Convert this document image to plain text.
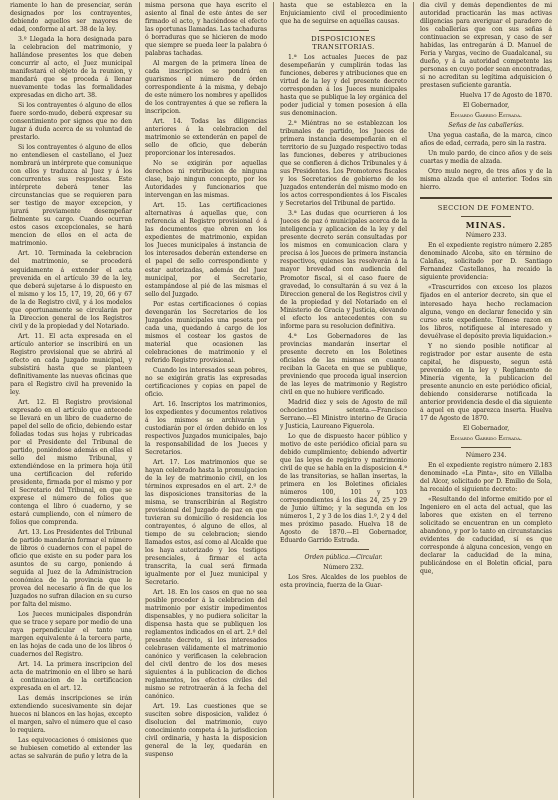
riamente lo han de presenciar, serán designados por los contrayentes, debiendo aquellos ser mayores de edad, conforme al art. 38 de la ley.

3.º Llegada la hora designada para la celebracion del matrimonio, y hallándose presentes los que deben concurrir al acto, el Juez municipal manifestará el objeto de la reunion, y mandará que se proceda á llenar nuevamente todas las formalidades expresadas en dicho art. 38.

Si los contrayentes ó alguno de ellos fuere sordo-mudo, deberá expresar su consentimiento por signos que no den lugar á duda acerca de su voluntad de prestarlo.

Si los contrayentes ó alguno de ellos no entendiesen el castellano, el Juez nombrará un intérprete que comunique con ellos y traduzca al Juez y á los concurrentes sus respuestas. Este intérprete deberá tener las circunstancias que se requieren para ser testigo de mayor excepcion, y jurará previamente desempeñar fielmente su cargo. Cuando ocurran estos casos excepcionales, se hará mencion de ellos en el acta de matrimonio.

Art. 10. Terminada la celebracion del matrimonio, se procederá seguidamente á extender el acta prevenida en el artículo 39 de la ley, que deberá sujetarse á lo dispuesto en el mismo y los 15, 17, 19, 20, 66 y 67 de la de Registro civil, y á los modelos que oportunamente se circularán por la Direccion general de los Registros civil y de la propiedad y del Notariado.

Art. 11. El acta expresada en el artículo anterior se inscribirá en un Registro provisional que se abrirá al efecto en cada Juzgado municipal, y subsistirá hasta que se planteen definitivamente las nuevas oficinas que para el Registro civil ha prevenido la ley.

Art. 12. El Registro provisional expresado en el artículo que antecede se llevará en un libro de cuaderno de papel del sello de oficio, debiendo estar foliadas todas sus hojas y rubricadas por el Presidente del Tribunal de partido, poniéndose además en ellas el sello del mismo Tribunal, y extendiéndose en la primera hoja útil una certificacion del referido presidente, firmada por el mismo y por el Secretario del Tribunal, en que se exprese el número de folios que contenga el libro ó cuaderno, y se estará cumpliendo, con el número de folios que comprenda.

Art. 13. Los Presidentes del Tribunal de partido mandarán formar el número de libros ó cuadernos con el papel de oficio que existe en su poder para los asuntos de su cargo, poniendo á seguida al Juez de la Administracion económica de la provincia que le provea del necesario á fin de que los Juzgados no sufran dilacion en su curso por falta del mismo.

Los Jueces municipales dispondrán que se trace y separe por medio de una raya perpendicular el tanto una margen equivalente á la tercera parte, en las hojas de cada uno de los libros ó cuadernos del Registro.

Art. 14. La primera inscripcion del acta de matrimonio en el libro se hará á continuacion de la certificacion expresada en el art. 12.

Las demás inscripciones se irán extendiendo sucesivamente sin dejar huecos ni blancos en las hojas, excepto el margen, salvo el número que el caso lo requiera.

Las equivocaciones ó omisiones que se hubiesen cometido al extender las actas se salvarán de puño y letra de la

misma persona que haya escrito el asiento al final de este ántes de ser firmado el acto, y haciéndose el efecto las oportunas llamadas. Las tachaduras ó borraduras que se hicieren de modo que siempre se pueda leer la palabra ó palabras tachadas.

Al margen de la primera línea de cada inscripcion se pondrá en guarismos el número de órden correspondiente á la misma, y debajo de este número los nombres y apellidos de los contrayentes á que se refiera la inscripcion.

Art. 14. Todas las diligencias anteriores á la celebracion del matrimonio se extenderán en papel de sello de oficio, que deberán proporcionar los interesados.

No se exigirán por aquellas derechos ni retribucion de ninguna clase, bajo ningun concepto, por los Autoridades y funcionarios que intervengan en las mismas.

Art. 15. Las certificaciones alternativas á aquellas que, con referencia al Registro provisional ó á las documentos que obren en los expedientes de matrimonio, expidan los Jueces municipales á instancia de los interesados deberán extenderse en el papel de sello correspondiente y estar autorizadas, además del Juez municipal, por el Secretario, estampándose al pié de las mismas el sello del Juzgado.

Por estas certificaciones ó copias devengarán los Secretarios de los Juzgados municipales una peseta por cada una, quedando á cargo de los mismos el costear los gastos de material que ocasionen las celebraciones de matrimonio y el referido Registro provisional.

Cuando los interesados sean pobres, no se exigirán gratis las expresadas certificaciones y copias en papel de oficio.

Art. 16. Inscriptos los matrimonios, los expedientes y documentos relativos á los mismos se archivarán y custodiarán por el órden debido en los respectivos Juzgados municipales, bajo la responsabilidad de los Jueces y Secretarios.

Art. 17. Los matrimonios que se hayan celebrado hasta la promulgacion de la ley de matrimonio civil, en los términos expresados en el art. 2.º de las disposiciones transitorias de la misma, se transcribirán al Registro provisional del Juzgado de paz en que tuvieran su domicilio ó residencia los contrayentes, ó alguno de ellos, al tiempo de su celebracion; siendo llamados estos, así como al Alcalde que los haya autorizado y los testigos presenciales, á firmar el acta transcrita, la cual será firmada igualmente por el Juez municipal y Secretario.

Art. 18. En los casos en que no sea posible proceder á la celebracion del matrimonio por existir impedimentos dispensables, y no pudiera solicitar la dispensa hasta que se publiquen los reglamentos indicados en el art. 2.º del presente decreto, si los interesados celebrasen válidamente el matrimonio canónico y verificasen la celebracion del civil dentro de los dos meses siguientes á la publicacion de dichos reglamentos, los efectos civiles del mismo se retrotraerán á la fecha del canónico.

Art. 19. Las cuestiones que se susciten sobre disposicion, validez ó disolucion del matrimonio, cuyo conocimiento competa á la jurisdiccion civil ordinaria, y hasta la disposicion general de la ley, quedarán en suspenso

hasta que se establezca en la Enjuiciamiento civil el procedimiento que ha de seguirse en aquellas causas.

DISPOSICIONES TRANSITORIAS.

1.ª Los actuales Jueces de paz desempeñarán y cumplirán todas las funciones, deberes y atribuciones que en virtud de la ley y del presente decreto corresponden á los Jueces municipales hasta que se publique la ley orgánica del poder judicial y tomen posesion á ella sus denominacion.

2.ª Miéntras no se establezcan los tribunales de partido, los Jueces de primera instancia desempeñarán en el territorio de su Juzgado respectivo todas las funciones, deberes y atribuciones que se confieren á dichos Tribunales y á sus Presidentes. Los Promotores fiscales y los Secretarios de gobierno de los Juzgados entenderán del mismo modo en los actos correspondientes á los Fiscales y Secretarios del Tribunal de partido.

3.ª Las dudas que ocurrieren á los Jueces de paz ó municipales acerca de la inteligencia y aplicacion de la ley y del presente decreto serán consultadas por los mismos en comunicacion clara y precisa á los Jueces de primera instancia respectivos, quienes las resolverán á la mayor brevedad con audiencia del Promotor fiscal, si el caso fuere de gravedad, lo consultarán á su vez á la Direccion general de los Registros civil y de la propiedad y del Notariado en el Ministerio de Gracia y Justicia, elevando el efecto los antecedentes con su informe para su resolucion definitiva.

4.ª Los Gobernadores de las provincias mandarán insertar el presente decreto en los Boletines oficiales de las mismas en cuanto reciban la Gaceta en que se publique, previniendo que proceda igual insercion de las leyes de matrimonio y Registro civil en que no hubiere verificado.

Madrid diez y seis de Agosto de mil ochocientos setenta.—Francisco Serrano.—El Ministro interino de Gracia y Justicia, Laureano Figuerola.

Lo que de dispuesto hacer público y motivo de este periódico oficial para su debido cumplimiento; debiendo advertir que las leyes de registro y matrimonio civil de que se habla en la disposicion 4.ª de las transitorias, se hallan insertas, la primera en los Boletines oficiales números 100, 101 y 103 correspondientes á los dias 24, 25 y 29 de Junio último; y la segunda en los números 1, 2 y 3 de los dias 1.º, 2 y 4 del mes próximo pasado. Huelva 18 de Agosto de 1870.—El Gobernador, Eduardo Garrido Estrada.

Orden pública.—Circular.

Número 232.

Los Sres. Alcaldes de los pueblos de esta provincia, fuerza de la Guar-

dia civil y demás dependientes de mi autoridad practicarán las mas activas diligencias para averiguar el paradero de los caballerías que con sus señas á continuacion se expresan, y caso de ser habidas, las entregarán á D. Manuel de Feria y Vargas, vecino de Guadalcanal, su dueño, y á la autoridad competente las personas en cuyo poder sean encontradas, si no acreditan su legítima adquisicion ó prestasen suficiente garantía.

Huelva 17 de Agosto de 1870.

El Gobernador,

Eduardo Garrido Estrada.

Señas de las caballerías.

Una yegua castaña, de la marca, cinco años de edad, cerrada, pero sin la rastra.

Un mulo pardo, de cinco años y de seis cuartas y media de alzada.

Otro mulo negro, de tres años y de la misma alzada que el anterior. Todos sin hierro.

SECCION DE FOMENTO.

MINAS.

Número 233.

En el expediente registro número 2.285 denominado Alcoba, sito en término de Calañas, solicitado por D. Santiago Fernandez Castellanos, ha recaido la siguiente providencia:

«Trascurridos con exceso los plazos fijados en el anterior decreto, sin que el interesado haya hecho reclamacion alguna, vengo en declarar fenecido y sin curso este expediente. Tómese razon en los libros, notifíquese al interesado y devuélvase el depósito previa liquidacion.»

Y no siendo posible notificar al registrador por estar ausente de esta capital, he dispuesto, segun está prevenido en la ley y Reglamento de Minería vigente, la publicacion del presente anuncio en este periódico oficial, debiendo considerarse notificada la anterior providencia desde el dia siguiente á aquel en que aparezca inserta. Huelva 17 de Agosto de 1870.

El Gobernador,

Eduardo Garrido Estrada.

Número 234.

En el expediente registro número 2.183 denominado «La Pinta», sito en Villalba del Alcor, solicitado por D. Emilio de Sola, ha recaido el siguiente decreto:

«Resultando del informe emitido por el Ingeniero en el acta del actual, que las labores que existen en el terreno solicitado se encuentran en un completo abandono, y por lo tanto en circunstancias evidentes de caducidad, sí es que corresponde á alguna concesion, vengo en declarar la caducidad de la mina, publicándose en el Boletin oficial, para que,
